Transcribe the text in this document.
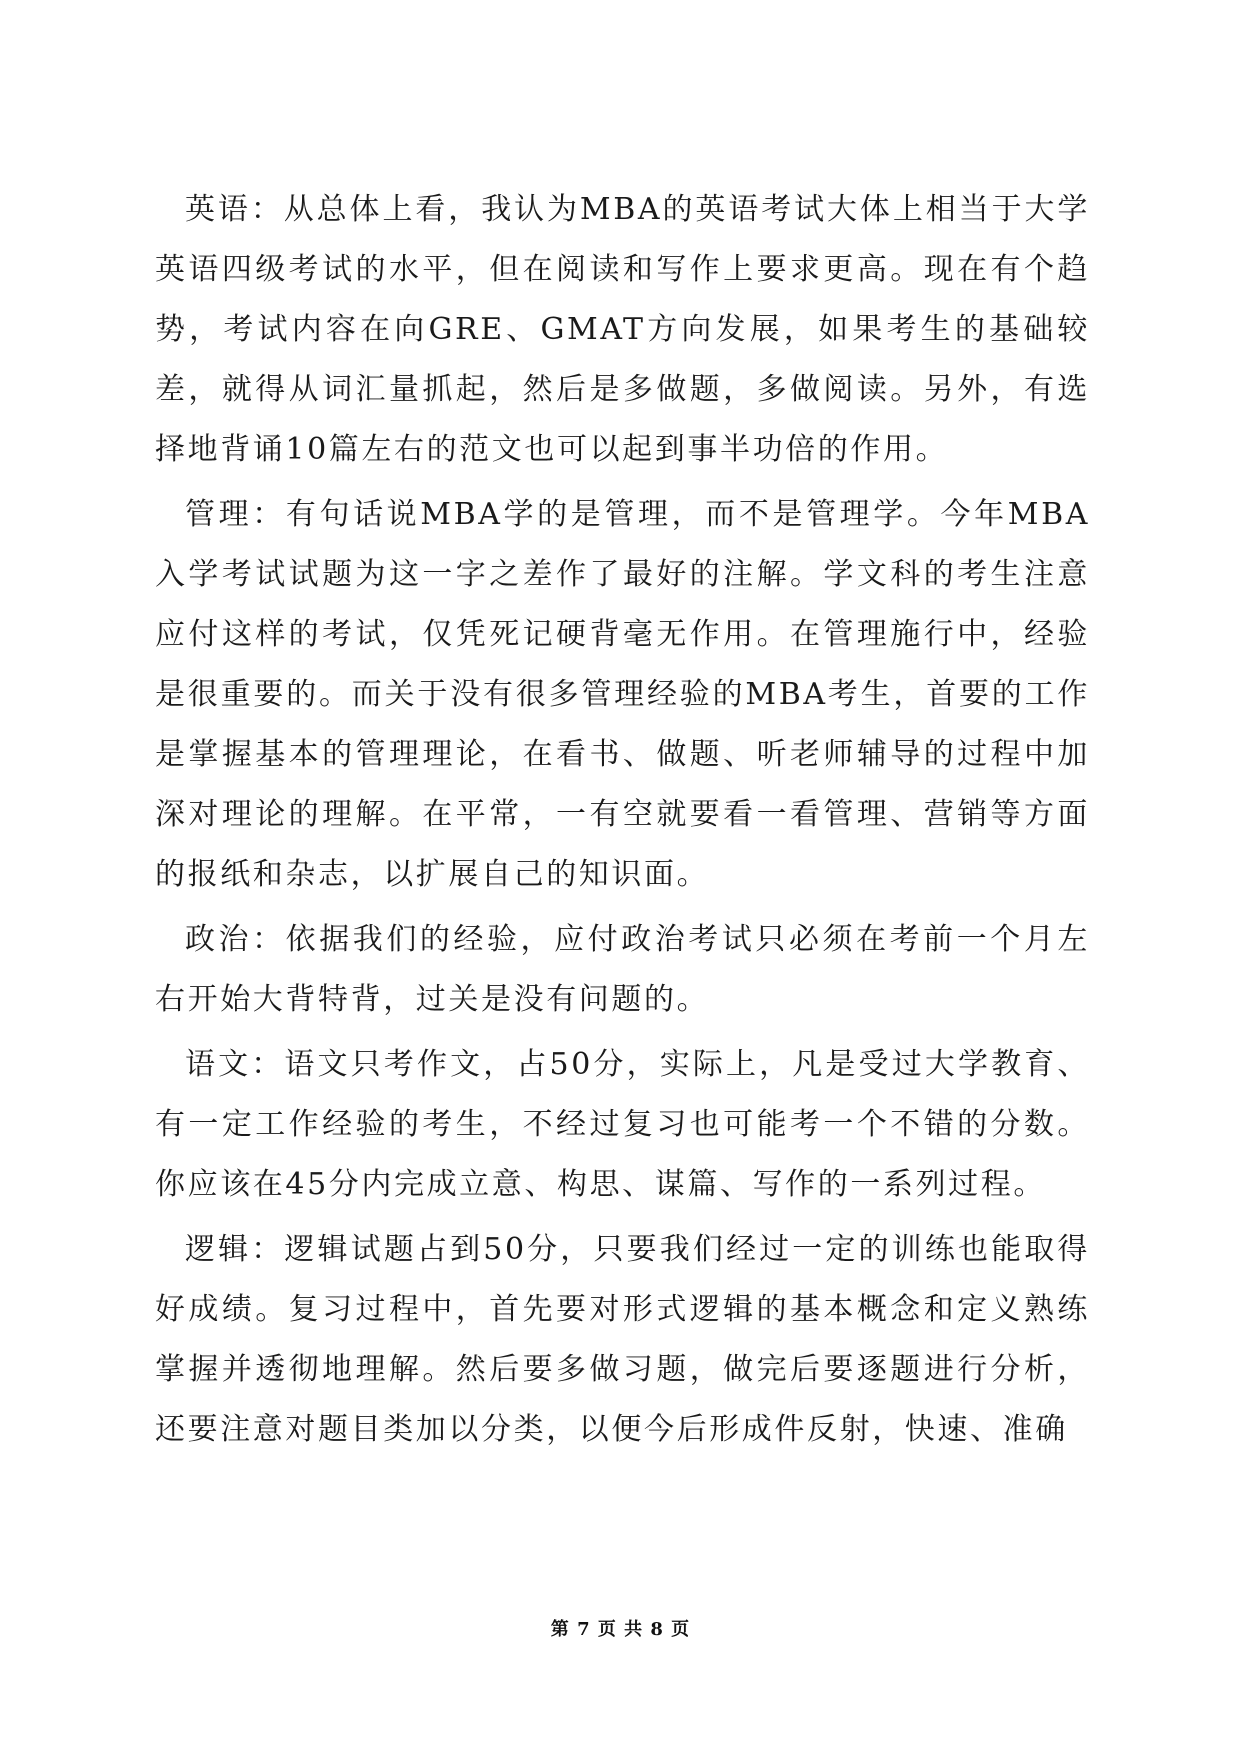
英语：从总体上看，我认为MBA的英语考试大体上相当于大学英语四级考试的水平，但在阅读和写作上要求更高。现在有个趋势，考试内容在向GRE、GMAT方向发展，如果考生的基础较差，就得从词汇量抓起，然后是多做题，多做阅读。另外，有选择地背诵10篇左右的范文也可以起到事半功倍的作用。

管理：有句话说MBA学的是管理，而不是管理学。今年MBA入学考试试题为这一字之差作了最好的注解。学文科的考生注意应付这样的考试，仅凭死记硬背毫无作用。在管理施行中，经验是很重要的。而关于没有很多管理经验的MBA考生，首要的工作是掌握基本的管理理论，在看书、做题、听老师辅导的过程中加深对理论的理解。在平常，一有空就要看一看管理、营销等方面的报纸和杂志，以扩展自己的知识面。

政治：依据我们的经验，应付政治考试只必须在考前一个月左右开始大背特背，过关是没有问题的。

语文：语文只考作文，占50分，实际上，凡是受过大学教育、有一定工作经验的考生，不经过复习也可能考一个不错的分数。你应该在45分内完成立意、构思、谋篇、写作的一系列过程。

逻辑：逻辑试题占到50分，只要我们经过一定的训练也能取得好成绩。复习过程中，首先要对形式逻辑的基本概念和定义熟练掌握并透彻地理解。然后要多做习题，做完后要逐题进行分析，还要注意对题目类加以分类，以便今后形成件反射，快速、准确

第 7 页 共 8 页
